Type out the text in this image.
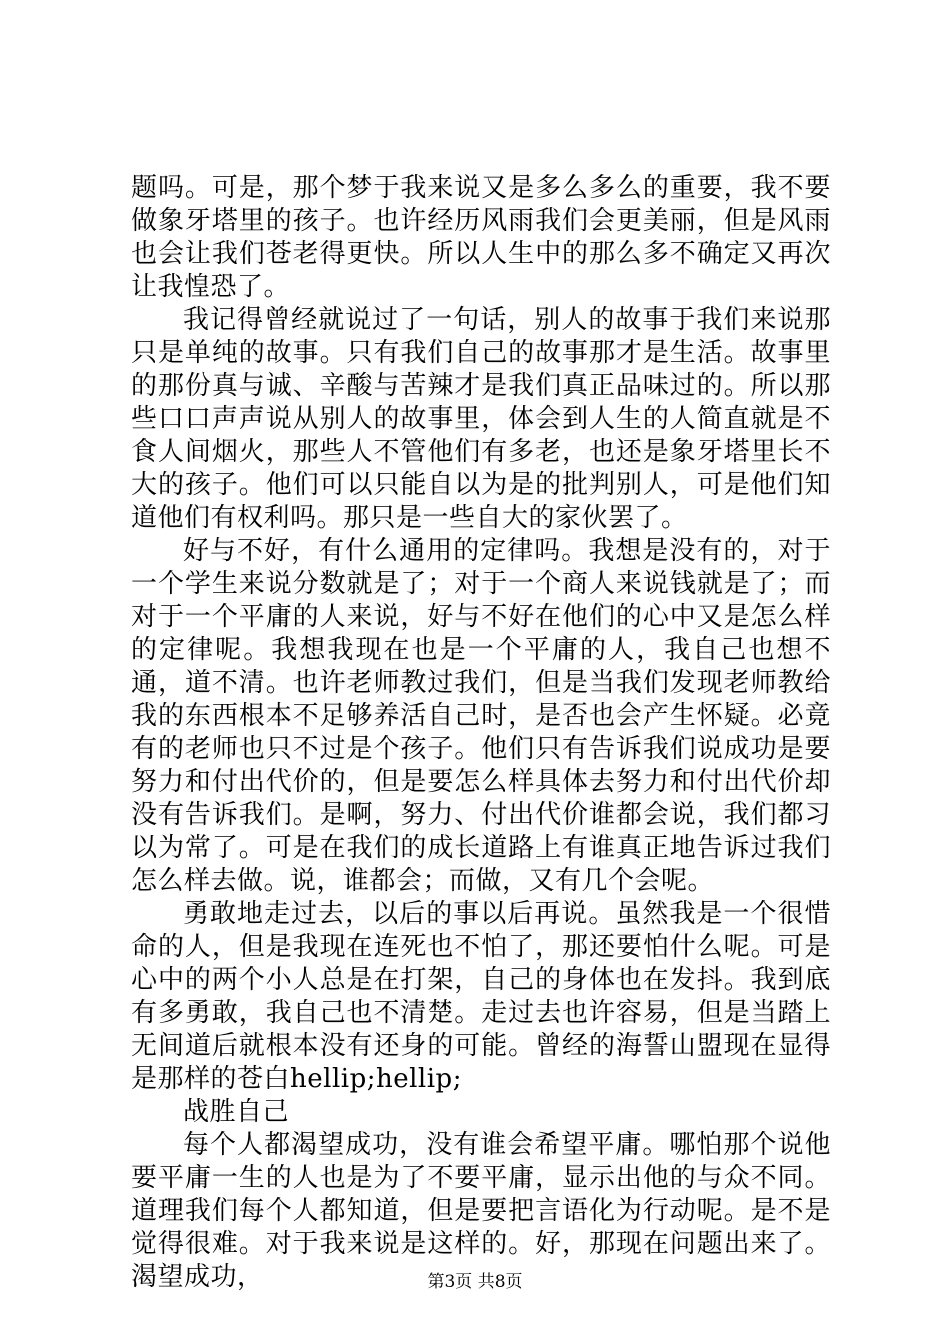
题吗。可是，那个梦于我来说又是多么多么的重要，我不要做象牙塔里的孩子。也许经历风雨我们会更美丽，但是风雨也会让我们苍老得更快。所以人生中的那么多不确定又再次让我惶恐了。

我记得曾经就说过了一句话，别人的故事于我们来说那只是单纯的故事。只有我们自己的故事那才是生活。故事里的那份真与诚、辛酸与苦辣才是我们真正品味过的。所以那些口口声声说从别人的故事里，体会到人生的人简直就是不食人间烟火，那些人不管他们有多老，也还是象牙塔里长不大的孩子。他们可以只能自以为是的批判别人，可是他们知道他们有权利吗。那只是一些自大的家伙罢了。

好与不好，有什么通用的定律吗。我想是没有的，对于一个学生来说分数就是了；对于一个商人来说钱就是了；而对于一个平庸的人来说，好与不好在他们的心中又是怎么样的定律呢。我想我现在也是一个平庸的人，我自己也想不通，道不清。也许老师教过我们，但是当我们发现老师教给我的东西根本不足够养活自己时，是否也会产生怀疑。必竟有的老师也只不过是个孩子。他们只有告诉我们说成功是要努力和付出代价的，但是要怎么样具体去努力和付出代价却没有告诉我们。是啊，努力、付出代价谁都会说，我们都习以为常了。可是在我们的成长道路上有谁真正地告诉过我们怎么样去做。说，谁都会；而做，又有几个会呢。

勇敢地走过去，以后的事以后再说。虽然我是一个很惜命的人，但是我现在连死也不怕了，那还要怕什么呢。可是心中的两个小人总是在打架，自己的身体也在发抖。我到底有多勇敢，我自己也不清楚。走过去也许容易，但是当踏上无间道后就根本没有还身的可能。曾经的海誓山盟现在显得是那样的苍白hellip;hellip;

战胜自己

每个人都渴望成功，没有谁会希望平庸。哪怕那个说他要平庸一生的人也是为了不要平庸，显示出他的与众不同。道理我们每个人都知道，但是要把言语化为行动呢。是不是觉得很难。对于我来说是这样的。好，那现在问题出来了。渴望成功，	第3页 共8页
